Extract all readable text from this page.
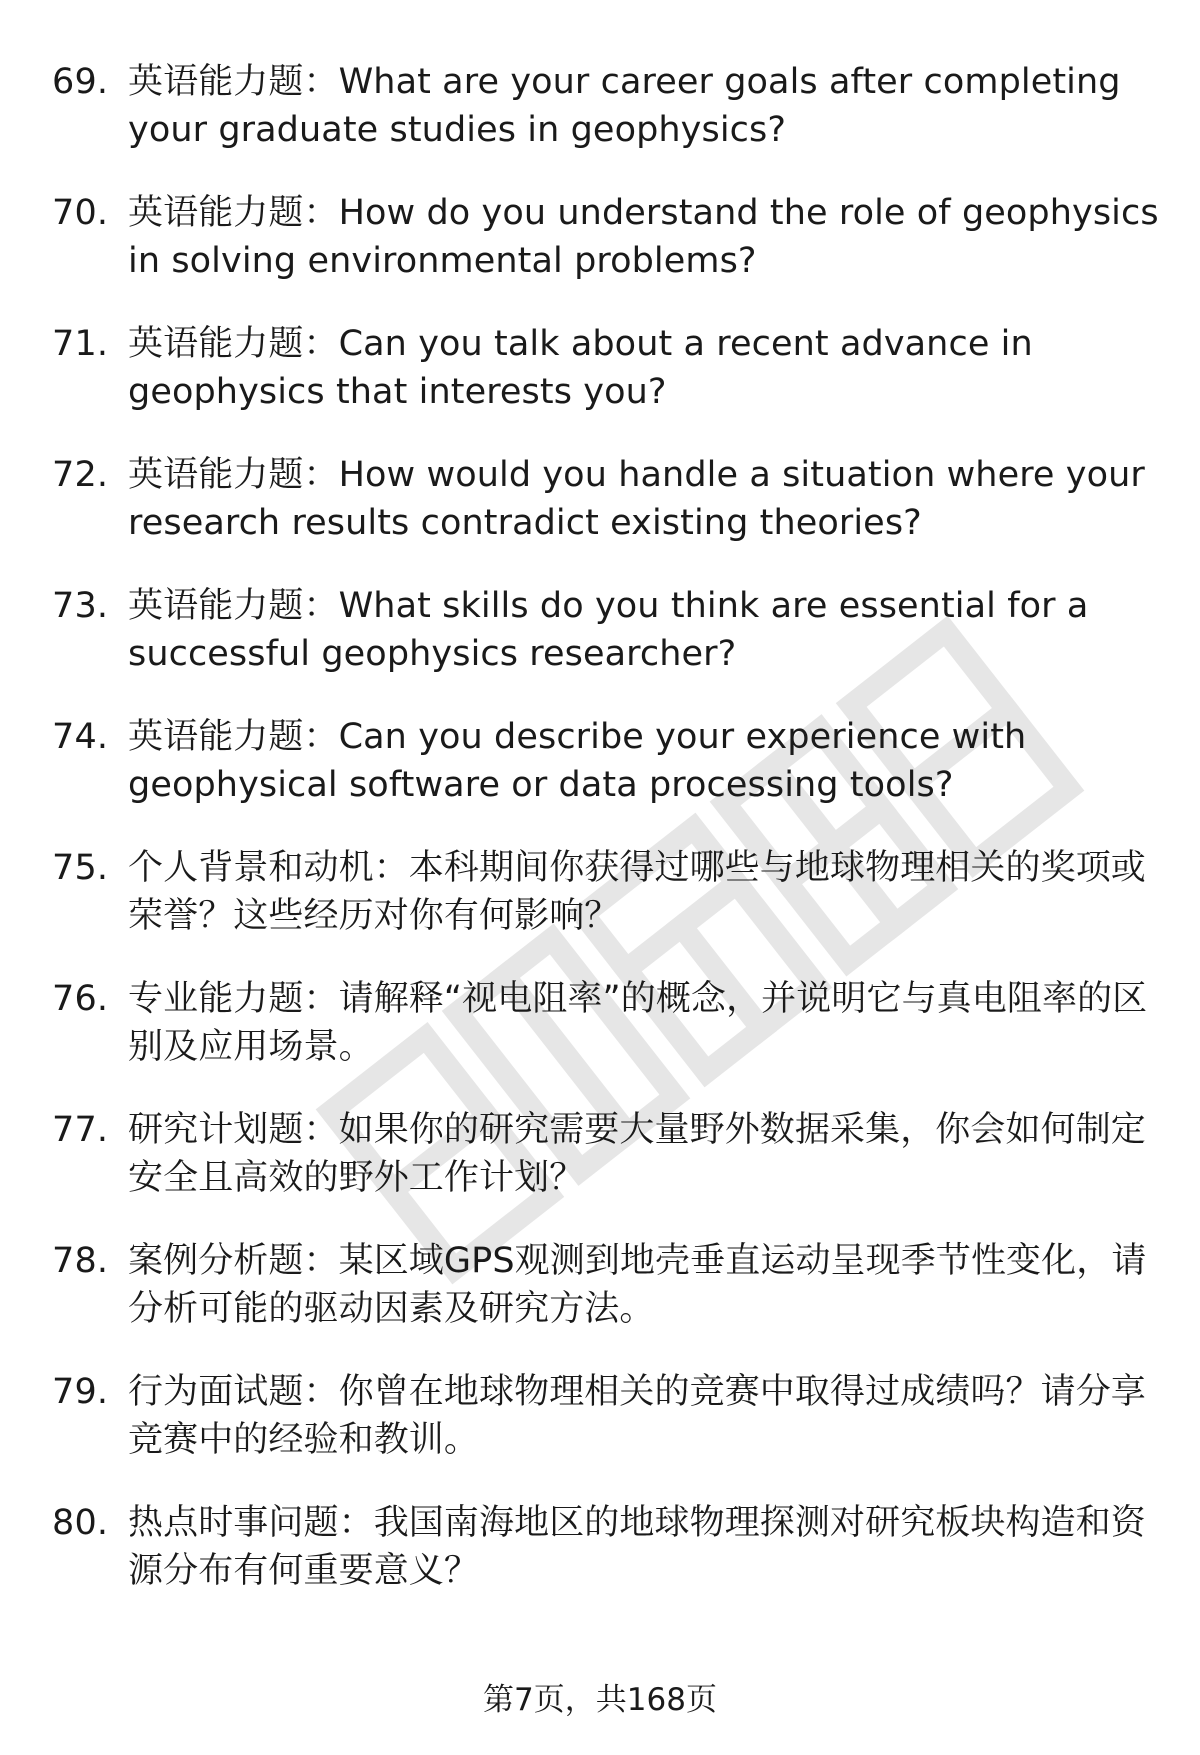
69. 英语能力题：What are your career goals after completing your graduate studies in geophysics?
70. 英语能力题：How do you understand the role of geophysics in solving environmental problems?
71. 英语能力题：Can you talk about a recent advance in geophysics that interests you?
72. 英语能力题：How would you handle a situation where your research results contradict existing theories?
73. 英语能力题：What skills do you think are essential for a successful geophysics researcher?
74. 英语能力题：Can you describe your experience with geophysical software or data processing tools?
75. 个人背景和动机：本科期间你获得过哪些与地球物理相关的奖项或荣誉？这些经历对你有何影响？
76. 专业能力题：请解释“视电阻率”的概念，并说明它与真电阻率的区别及应用场景。
77. 研究计划题：如果你的研究需要大量野外数据采集，你会如何制定安全且高效的野外工作计划？
78. 案例分析题：某区域GPS观测到地壳垂直运动呈现季节性变化，请分析可能的驱动因素及研究方法。
79. 行为面试题：你曾在地球物理相关的竞赛中取得过成绩吗？请分享竞赛中的经验和教训。
80. 热点时事问题：我国南海地区的地球物理探测对研究板块构造和资源分布有何重要意义？
第7页，共168页
